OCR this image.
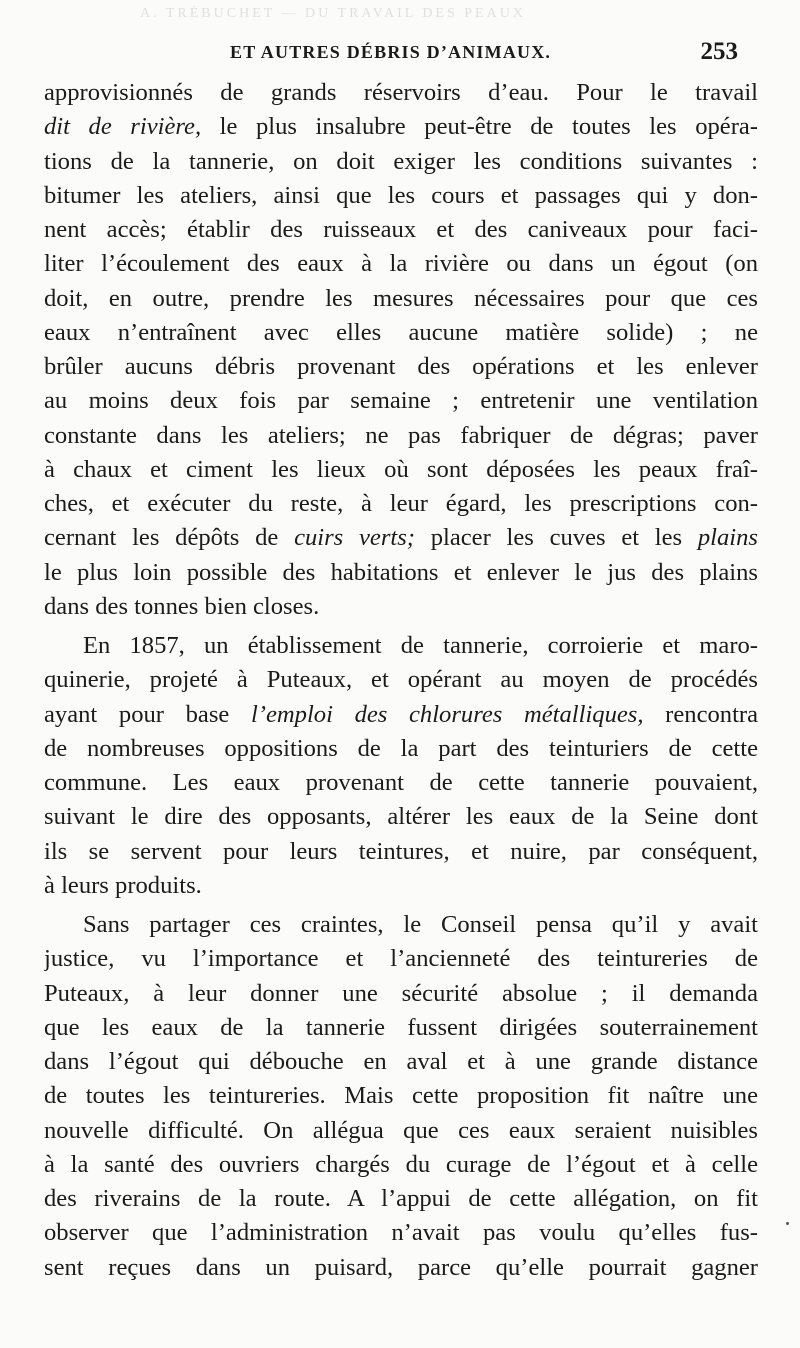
A. TRÉBUCHET — DU TRAVAIL DES PEAUX
ET AUTRES DÉBRIS D’ANIMAUX.	253
approvisionnés de grands réservoirs d’eau. Pour le travail
dit de rivière, le plus insalubre peut-être de toutes les opéra-
tions de la tannerie, on doit exiger les conditions suivantes :
bitumer les ateliers, ainsi que les cours et passages qui y don-
nent accès; établir des ruisseaux et des caniveaux pour faci-
liter l’écoulement des eaux à la rivière ou dans un égout (on
doit, en outre, prendre les mesures nécessaires pour que ces
eaux n’entraînent avec elles aucune matière solide) ; ne
brûler aucuns débris provenant des opérations et les enlever
au moins deux fois par semaine ; entretenir une ventilation
constante dans les ateliers; ne pas fabriquer de dégras; paver
à chaux et ciment les lieux où sont déposées les peaux fraî-
ches, et exécuter du reste, à leur égard, les prescriptions con-
cernant les dépôts de cuirs verts; placer les cuves et les plains
le plus loin possible des habitations et enlever le jus des plains
dans des tonnes bien closes.
En 1857, un établissement de tannerie, corroierie et maro-
quinerie, projeté à Puteaux, et opérant au moyen de procédés
ayant pour base l’emploi des chlorures métalliques, rencontra
de nombreuses oppositions de la part des teinturiers de cette
commune. Les eaux provenant de cette tannerie pouvaient,
suivant le dire des opposants, altérer les eaux de la Seine dont
ils se servent pour leurs teintures, et nuire, par conséquent,
à leurs produits.
Sans partager ces craintes, le Conseil pensa qu’il y avait
justice, vu l’importance et l’ancienneté des teintureries de
Puteaux, à leur donner une sécurité absolue ; il demanda
que les eaux de la tannerie fussent dirigées souterrainement
dans l’égout qui débouche en aval et à une grande distance
de toutes les teintureries. Mais cette proposition fit naître une
nouvelle difficulté. On allégua que ces eaux seraient nuisibles
à la santé des ouvriers chargés du curage de l’égout et à celle
des riverains de la route. A l’appui de cette allégation, on fit
observer que l’administration n’avait pas voulu qu’elles fus-
sent reçues dans un puisard, parce qu’elle pourrait gagner
